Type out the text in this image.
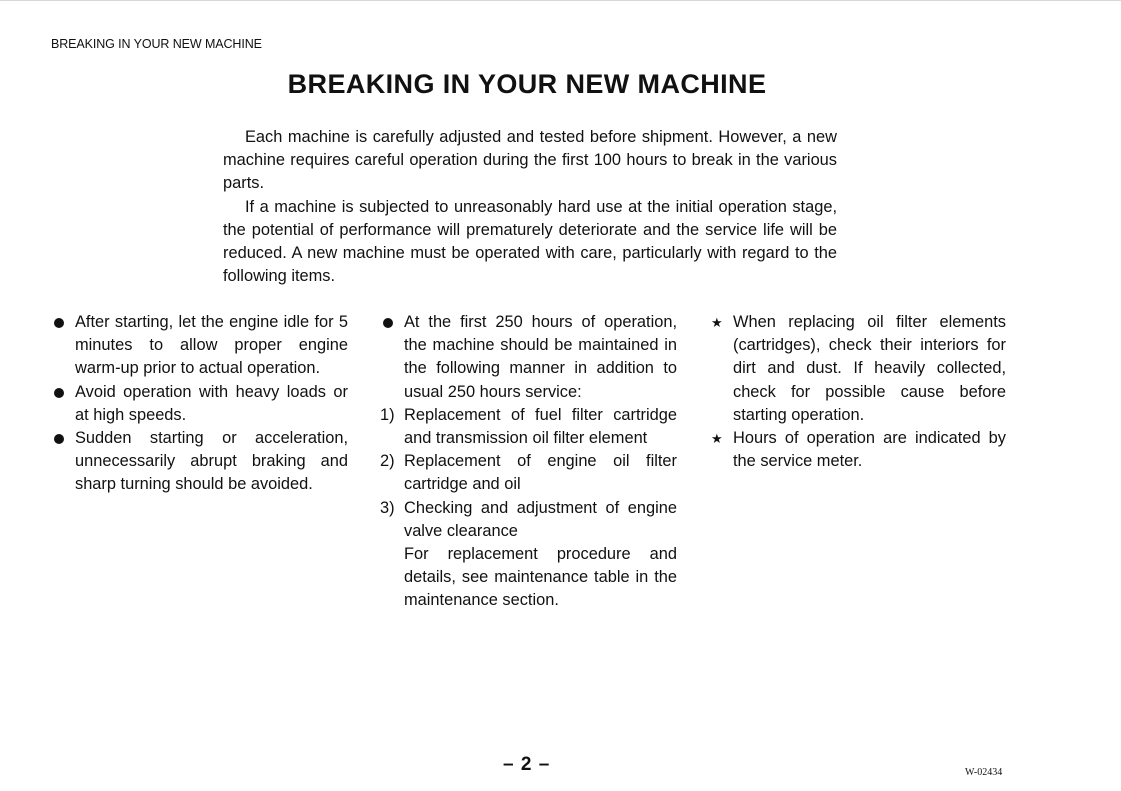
BREAKING IN YOUR NEW MACHINE
BREAKING IN YOUR NEW MACHINE

Each machine is carefully adjusted and tested before shipment. However, a new machine requires careful operation during the first 100 hours to break in the various parts.

If a machine is subjected to unreasonably hard use at the initial operation stage, the potential of performance will prematurely deteriorate and the service life will be reduced. A new machine must be operated with care, particularly with regard to the following items.

After starting, let the engine idle for 5 minutes to allow proper engine warm-up prior to actual operation.
Avoid operation with heavy loads or at high speeds.
Sudden starting or acceleration, unnecessarily abrupt braking and sharp turning should be avoided.
At the first 250 hours of operation, the machine should be maintained in the following manner in addition to usual 250 hours service:
1) Replacement of fuel filter cartridge and transmission oil filter element
2) Replacement of engine oil filter cartridge and oil
3) Checking and adjustment of engine valve clearance
For replacement procedure and details, see maintenance table in the maintenance section.
★ When replacing oil filter elements (cartridges), check their interiors for dirt and dust. If heavily collected, check for possible cause before starting operation.
★ Hours of operation are indicated by the service meter.
– 2 –	W-02434
